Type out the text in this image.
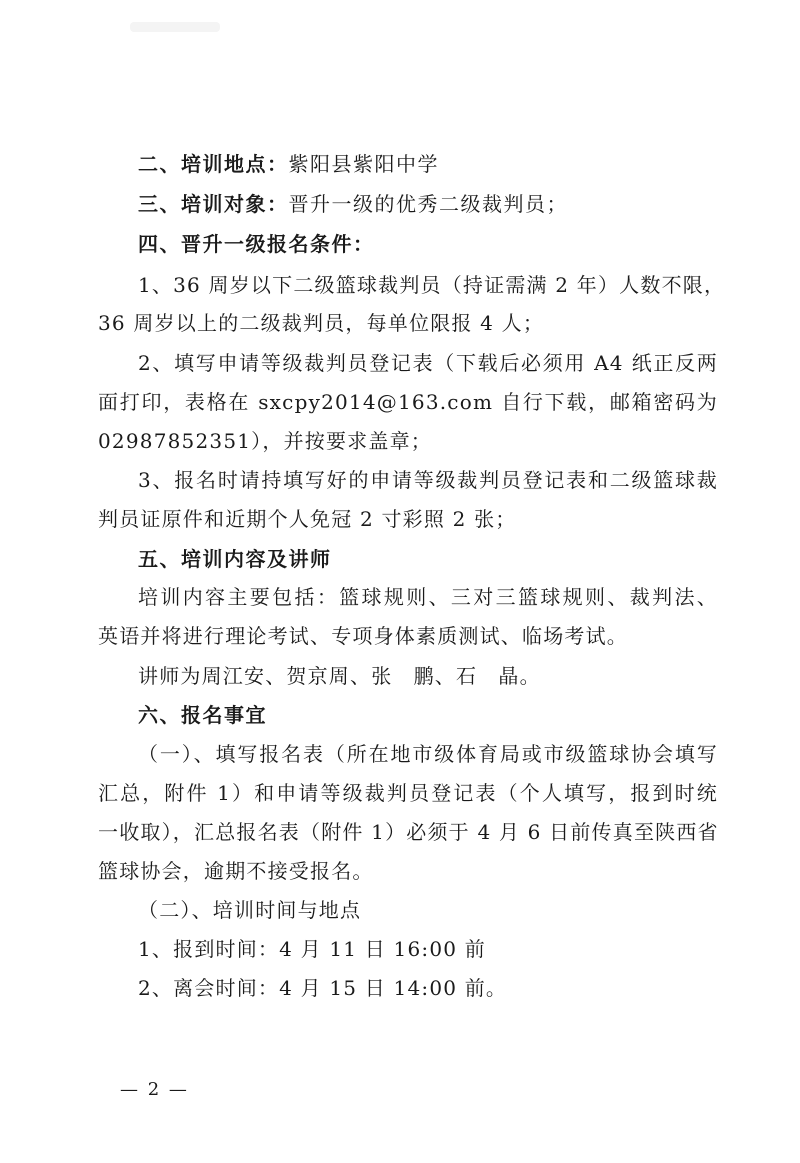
二、培训地点：紫阳县紫阳中学
三、培训对象：晋升一级的优秀二级裁判员；
四、晋升一级报名条件：
1、36 周岁以下二级篮球裁判员（持证需满 2 年）人数不限，
36 周岁以上的二级裁判员，每单位限报 4 人；
2、填写申请等级裁判员登记表（下载后必须用 A4 纸正反两
面打印，表格在 sxcpy2014@163.com 自行下载，邮箱密码为
02987852351），并按要求盖章；
3、报名时请持填写好的申请等级裁判员登记表和二级篮球裁
判员证原件和近期个人免冠 2 寸彩照 2 张；
五、培训内容及讲师
培训内容主要包括：篮球规则、三对三篮球规则、裁判法、
英语并将进行理论考试、专项身体素质测试、临场考试。
讲师为周江安、贺京周、张　鹏、石　晶。
六、报名事宜
（一）、填写报名表（所在地市级体育局或市级篮球协会填写
汇总，附件 1）和申请等级裁判员登记表（个人填写，报到时统
一收取），汇总报名表（附件 1）必须于 4 月 6 日前传真至陕西省
篮球协会，逾期不接受报名。
（二）、培训时间与地点
1、报到时间：4 月 11 日 16:00 前
2、离会时间：4 月 15 日 14:00 前。
— 2 —
